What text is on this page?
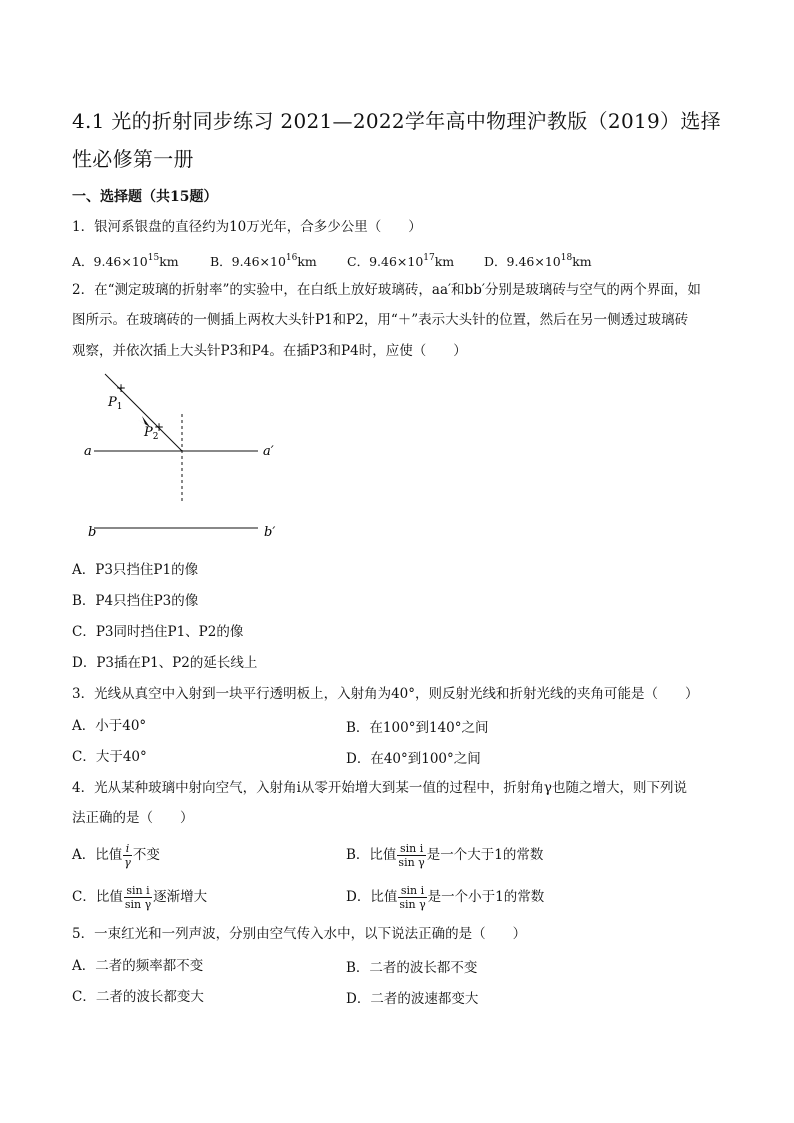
4.1 光的折射同步练习 2021—2022学年高中物理沪教版（2019）选择性必修第一册
一、选择题（共15题）
1．银河系银盘的直径约为10万光年，合多少公里（　　）
A．$9.46\times 10^{15}km$	B．$9.46\times 10^{16}km$ C．$9.46\times 10^{17}km$ D．$9.46\times 10^{18}km$
2．在“测定玻璃的折射率”的实验中，在白纸上放好玻璃砖，aa′和bb′分别是玻璃砖与空气的两个界面，如
图所示。在玻璃砖的一侧插上两枚大头针P1和P2，用“＋”表示大头针的位置，然后在另一侧透过玻璃砖
观察，并依次插上大头针P3和P4。在插P3和P4时，应使（　　）
+
+
$P_1$
$P_2$
a	a′
b	b′
A．P3只挡住P1的像
B．P4只挡住P3的像
C．P3同时挡住P1、P2的像
D．P3插在P1、P2的延长线上
3．光线从真空中入射到一块平行透明板上，入射角为40°，则反射光线和折射光线的夹角可能是（　　）
A．小于40°	B．在100°到140°之间
C．大于40°	D．在40°到100°之间
4．光从某种玻璃中射向空气，入射角i从零开始增大到某一值的过程中，折射角γ也随之增大，则下列说
法正确的是（　　）
A．比值 $\frac{i}{\gamma}$ 不变	B．比值 $\frac{\text{sin i}}{\text{sin γ}}$ 是一个大于1的常数
C．比值 $\frac{\text{sin i}}{\text{sin γ}}$ 逐渐增大	D．比值 $\frac{\text{sin i}}{\text{sin γ}}$ 是一个小于1的常数
5．一束红光和一列声波，分别由空气传入水中，以下说法正确的是（　　）
A．二者的频率都不变	B．二者的波长都不变
C．二者的波长都变大	D．二者的波速都变大
